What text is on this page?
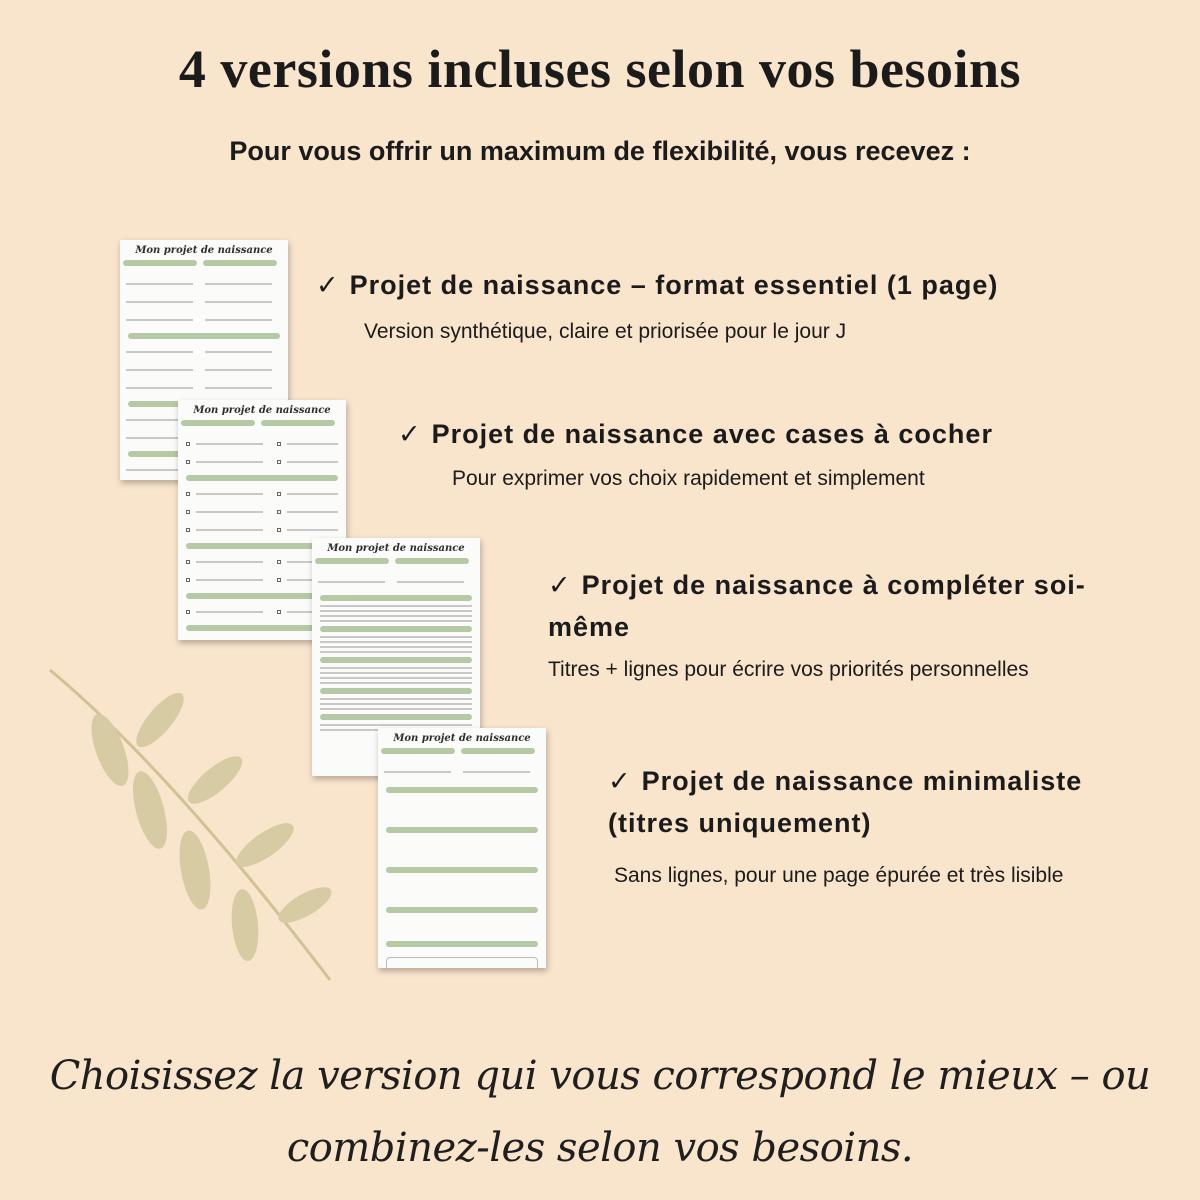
4 versions incluses selon vos besoins
Pour vous offrir un maximum de flexibilité, vous recevez :
Mon projet de naissance
Mon projet de naissance
Mon projet de naissance
Mon projet de naissance
✓ Projet de naissance – format essentiel (1 page)
Version synthétique, claire et priorisée pour le jour J
✓ Projet de naissance avec cases à cocher
Pour exprimer vos choix rapidement et simplement
✓ Projet de naissance à compléter soi-même
Titres + lignes pour écrire vos priorités personnelles
✓ Projet de naissance minimaliste (titres uniquement)
Sans lignes, pour une page épurée et très lisible
Choisissez la version qui vous correspond le mieux – ou combinez-les selon vos besoins.
